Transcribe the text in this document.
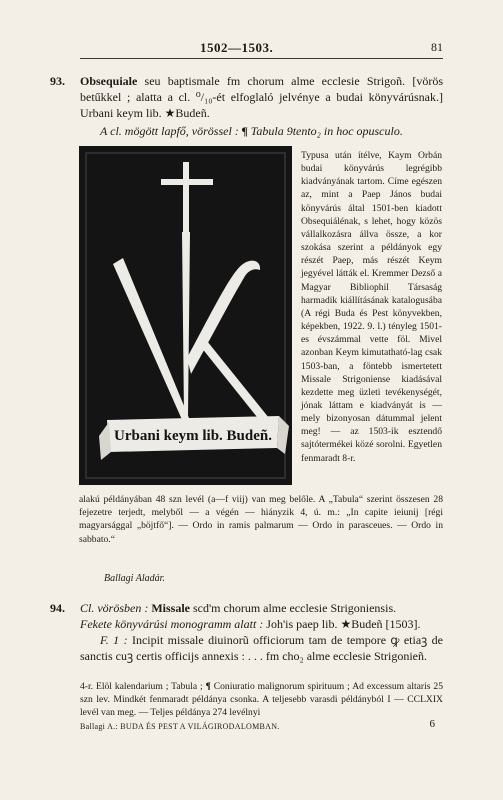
1502—1503.	81
93. Obsequiale seu baptismale fm chorum alme ecclesie Strigoñ. [vörös betűkkel ; alatta a cl. ⁰/₁₀-ét elfoglaló jelvénye a budai könyvárúsnak.] Urbani keym lib. ★Budeñ.

A cl. mögött lapfő, vörössel : ¶ Tabula 9tento₂ in hoc opusculo.

Urbani keym lib. Budeñ.

Typusa után ítélve, Kaym Orbán budai könyvárús legrégibb kiadványának tartom. Címe egészen az, mint a Paep János budai könyvárús által 1501-ben kiadott Obsequiálénak, s lehet, hogy közös vállalkozásra állva össze, a kor szokása szerint a példányok egy részét Paep, más részét Keym jegyével látták el. Kremmer Dezső a Magyar Bibliophil Társaság harmadik kiállításának katalogusába (A régi Buda és Pest könyvekben, képekben, 1922. 9. l.) tényleg 1501-es évszámmal vette föl. Mivel azonban Keym kimutatható-lag csak 1503-ban, a föntebb ismertetett Missale Strigoniense kiadásával kezdette meg üzleti tevékenységét, jónak láttam e kiadványát is — mely bizonyosan dátummal jelent meg! — az 1503-ik esztendő sajtótermékei közé sorolni. Egyetlen fenmaradt 8-r.

alakú példányában 48 szn levél (a—f viij) van meg belőle. A „Tabula“ szerint összesen 28 fejezetre terjedt, melyből — a végén — hiányzik 4, ú. m.: „In capite ieiunij [régi magyarsággal „böjtfő“]. — Ordo in ramis palmarum — Ordo in parasceues. — Ordo in sabbato.“

Ballagi Aladár.
94. Cl. vörösben : Missale scd'm chorum alme ecclesie Strigoniensis.

Fekete könyvárúsi monogramm alatt : Joh'is paep lib. ★Budeñ [1503].

F. 1 : Incipit missale diuinorũ officiorum tam de tempore ꝙ etiaꝫ de sanctis cuꝫ certis officijs annexis : . . . fm cho₂ alme ecclesie Strigonieñ.

4-r. Elöl kalendarium ; Tabula ; ¶ Coniuratio malignorum spirituum ; Ad excessum altaris 25 szn lev. Mindkét fenmaradt példánya csonka. A teljesebb varasdi példányból I — CCLXIX levél van meg. — Teljes példánya 274 levélnyi

Ballagi A.: BUDA ÉS PEST A VILÁGIRODALOMBAN.	6
